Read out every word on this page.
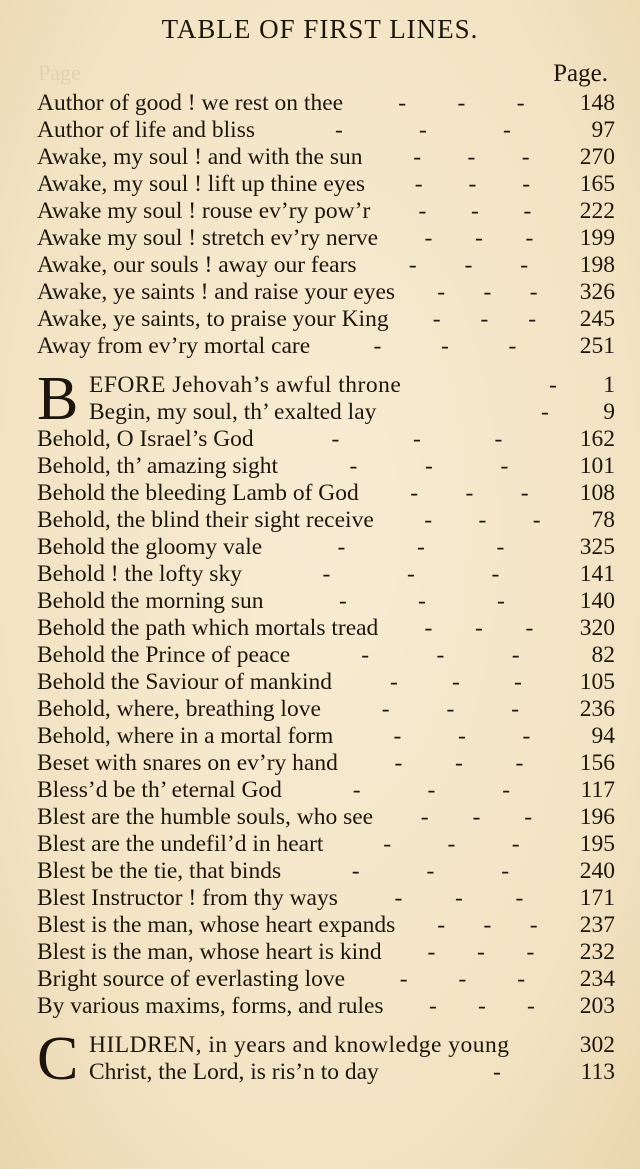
TABLE OF FIRST LINES.
Page	Page.
Author of good ! we rest on thee	148
- - -
Author of life and bliss	97
-	-	-
Awake, my soul ! and with the sun	270
- - -
Awake, my soul ! lift up thine eyes	165
- - -
Awake my soul ! rouse ev’ry pow’r	222
- - -
Awake my soul ! stretch ev’ry nerve	199
- - -
Awake, our souls ! away our fears	198
- - -
Awake, ye saints ! and raise your eyes	326
- - -
Awake, ye saints, to praise your King	245
- - -
Away from ev’ry mortal care	251
-	-	-
B EFORE Jehovah’s awful throne	- 1
Begin, my soul, th’ exalted lay	- 9
Behold, O Israel’s God	162
-	-	-
Behold, th’ amazing sight	101
-	-	-
Behold the bleeding Lamb of God	108
- - -
Behold, the blind their sight receive	78
- - -
Behold the gloomy vale	325
-	-	-
Behold ! the lofty sky	141
-	-	-
Behold the morning sun	140
-	-	-
Behold the path which mortals tread	320
- - -
Behold the Prince of peace	82
-	-	-
Behold the Saviour of mankind	105
- - -
Behold, where, breathing love	236
- - -
Behold, where in a mortal form	94
- - -
Beset with snares on ev’ry hand	156
- - -
Bless’d be th’ eternal God	117
-	-	-
Blest are the humble souls, who see	196
- - -
Blest are the undefil’d in heart	195
- - -
Blest be the tie, that binds	240
-	-	-
Blest Instructor ! from thy ways	171
- - -
Blest is the man, whose heart expands	237
- - -
Blest is the man, whose heart is kind	232
- - -
Bright source of everlasting love	234
- - -
By various maxims, forms, and rules	203
- - -
C HILDREN, in years and knowledge young	302
Christ, the Lord, is ris’n to day	-	113
